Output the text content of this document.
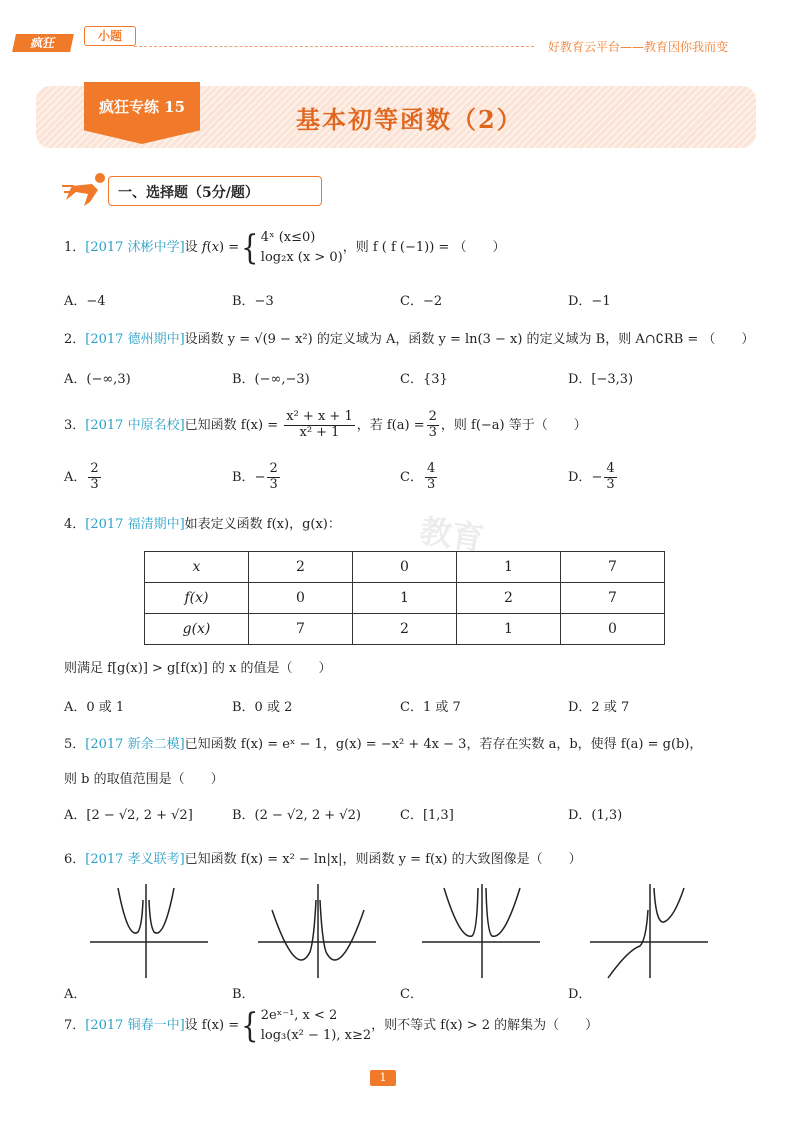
疯狂	小题
好教育云平台——教育因你我而变
疯狂专练 15	基本初等函数（2）
一、选择题（5分/题）
教育
1．[2017 沭彬中学]设 f(x) ={ 4ˣ (x≤0)
log₂x (x > 0)
，则 f ( f (−1)) = （　　）
A．−4	B．−3	C．−2	D．−1
2．[2017 德州期中]设函数 y = √(9 − x²) 的定义域为 A，函数 y = ln(3 − x) 的定义域为 B，则 A∩∁RB = （　　）
A．(−∞,3)	B．(−∞,−3)	C．{3}	D．[−3,3)
3．[2017 中原名校]已知函数 $f(x) = \frac{\text{x² + x + 1}}{\text{x² + 1}}$ ，若 $f(a) = \frac{2}{3}$ ，则 f(−a) 等于（　　）
A． $\frac{2}{3}$	B．− $\frac{2}{3}$	C． $\frac{4}{3}$	D．− $\frac{4}{3}$
4．[2017 福清期中]如表定义函数 f(x)，g(x)：
x	2	0	1	7
f(x)	0	1	2	7
g(x)	7	2	1	0
则满足 f[g(x)] > g[f(x)] 的 x 的值是（　　）
A．0 或 1	B．0 或 2	C．1 或 7	D．2 或 7
5．[2017 新余二模]已知函数 f(x) = eˣ − 1，g(x) = −x² + 4x − 3，若存在实数 a，b，使得 f(a) = g(b)，
则 b 的取值范围是（　　）
A．[2 − √2, 2 + √2]	B．(2 − √2, 2 + √2)	C．[1,3]	D．(1,3)
6．[2017 孝义联考]已知函数 f(x) = x² − ln|x|，则函数 y = f(x) 的大致图像是（　　）
A．	B．	C．	D．
7．[2017 铜春一中]设 f(x) ={ 2eˣ⁻¹, x < 2
log₃(x² − 1), x≥2
，则不等式 f(x) > 2 的解集为（　　）
1
